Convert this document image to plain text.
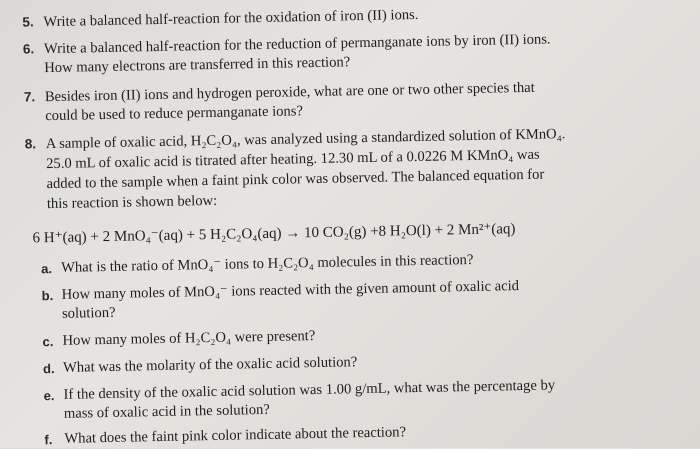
5. Write a balanced half-reaction for the oxidation of iron (II) ions.
6. Write a balanced half-reaction for the reduction of permanganate ions by iron (II) ions.
How many electrons are transferred in this reaction?
7. Besides iron (II) ions and hydrogen peroxide, what are one or two other species that
could be used to reduce permanganate ions?
8. A sample of oxalic acid, H₂C₂O₄, was analyzed using a standardized solution of KMnO₄.
25.0 mL of oxalic acid is titrated after heating. 12.30 mL of a 0.0226 M KMnO₄ was
added to the sample when a faint pink color was observed. The balanced equation for
this reaction is shown below:
6 H⁺(aq) + 2 MnO₄⁻(aq) + 5 H₂C₂O₄(aq) → 10 CO₂(g) +8 H₂O(l) + 2 Mn²⁺(aq)
a. What is the ratio of MnO₄⁻ ions to H₂C₂O₄ molecules in this reaction?
b. How many moles of MnO₄⁻ ions reacted with the given amount of oxalic acid
solution?
c. How many moles of H₂C₂O₄ were present?
d. What was the molarity of the oxalic acid solution?
e. If the density of the oxalic acid solution was 1.00 g/mL, what was the percentage by
mass of oxalic acid in the solution?
f. What does the faint pink color indicate about the reaction?
